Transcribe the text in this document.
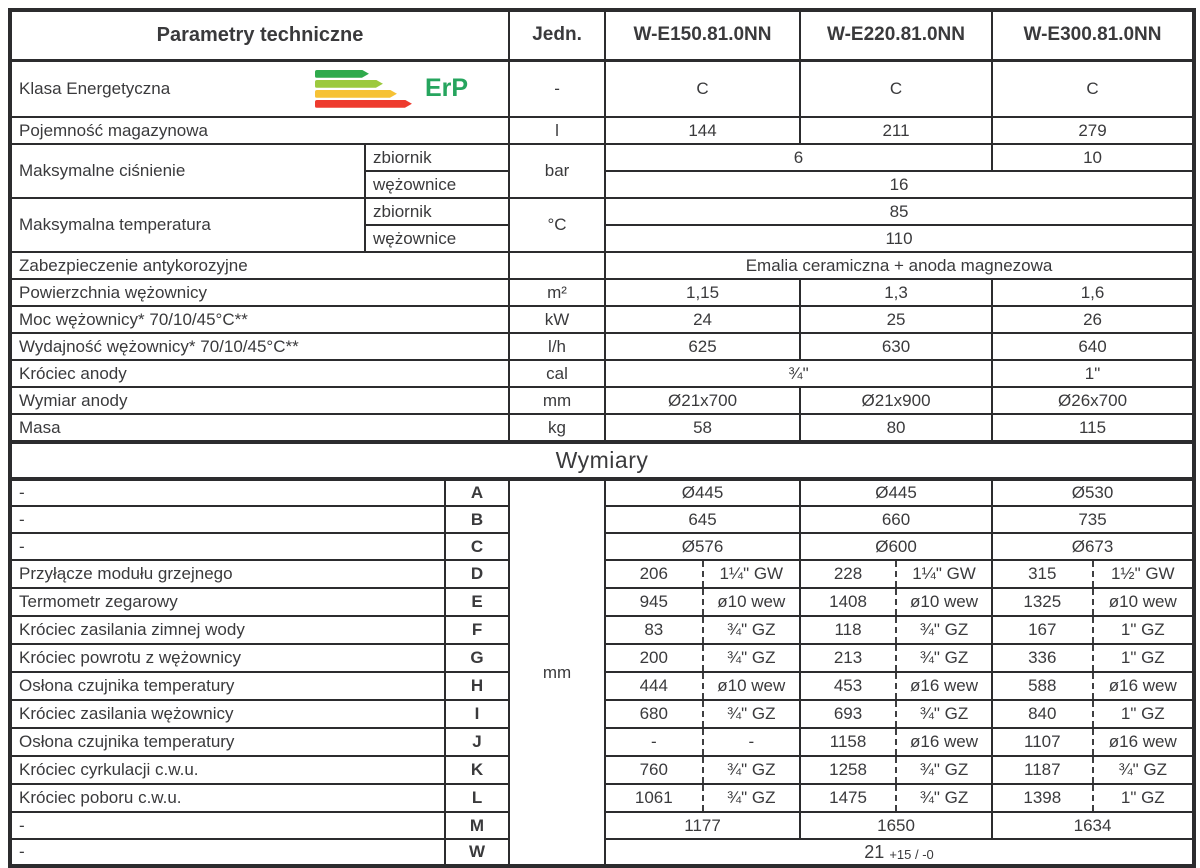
Parametry techniczne			Jedn.	W-E150.81.0NN	W-E220.81.0NN	W-E300.81.0NN

Klasa Energetyczna ErP			-	C	C	C
Pojemność magazynowa			l	144	211	279
Maksymalne ciśnienie	zbiornik		bar	6		10
	wężownice			16		
Maksymalna temperatura	zbiornik		°C	85		
	wężownice			110		
Zabezpieczenie antykorozyjne				Emalia ceramiczna + anoda magnezowa		
Powierzchnia wężownicy			m²	1,15	1,3	1,6
Moc wężownicy* 70/10/45°C**			kW	24	25	26
Wydajność wężownicy* 70/10/45°C**			l/h	625	630	640
Króciec anody			cal	¾"		1"
Wymiar anody			mm	Ø21x700	Ø21x900	Ø26x700
Masa			kg	58	80	115
Wymiary						
-		A	mm	Ø445	Ø445	Ø530
-		B		645	660	735
-		C		Ø576	Ø600	Ø673
Przyłącze modułu grzejnego		D		206 1¼" GW	228 1¼" GW	315 1½" GW

Termometr zegarowy		E		945 ø10 wew	1408 ø10 wew	1325 ø10 wew

Króciec zasilania zimnej wody		F		83 ¾" GZ	118 ¾" GZ	167 1" GZ

Króciec powrotu z wężownicy		G		200 ¾" GZ	213 ¾" GZ	336 1" GZ

Osłona czujnika temperatury		H		444 ø10 wew	453 ø16 wew	588 ø16 wew

Króciec zasilania wężownicy		I		680 ¾" GZ	693 ¾" GZ	840 1" GZ

Osłona czujnika temperatury		J		- -	1158 ø16 wew	1107 ø16 wew

Króciec cyrkulacji c.w.u.		K		760 ¾" GZ	1258 ¾" GZ	1187 ¾" GZ

Króciec poboru c.w.u.		L		1061 ¾" GZ	1475 ¾" GZ	1398 1" GZ

-		M		1177	1650	1634
-		W		21 +15 / -0		
